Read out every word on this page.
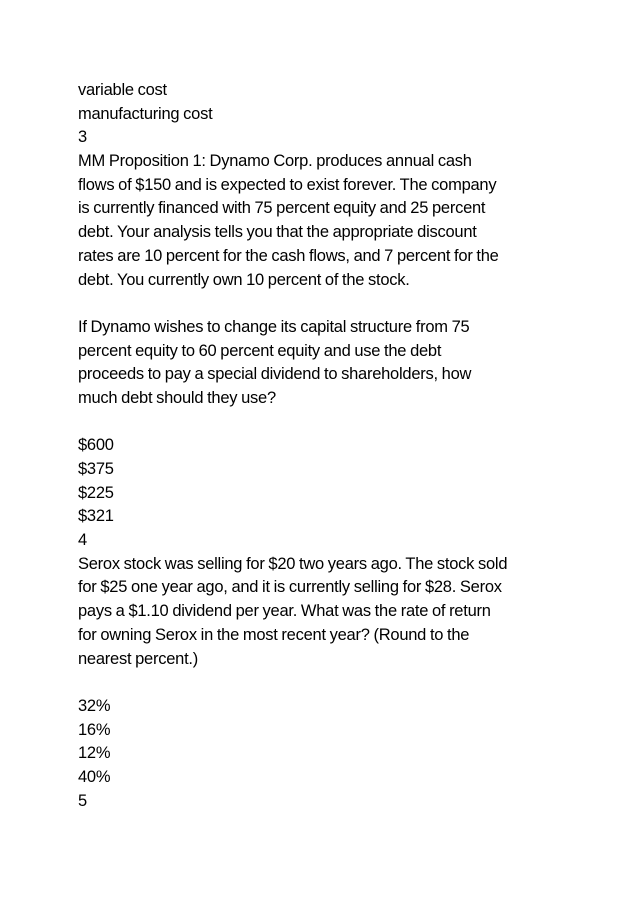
variable cost
manufacturing cost
3
MM Proposition 1: Dynamo Corp. produces annual cash
flows of $150 and is expected to exist forever. The company
is currently financed with 75 percent equity and 25 percent
debt. Your analysis tells you that the appropriate discount
rates are 10 percent for the cash flows, and 7 percent for the
debt. You currently own 10 percent of the stock.
If Dynamo wishes to change its capital structure from 75
percent equity to 60 percent equity and use the debt
proceeds to pay a special dividend to shareholders, how
much debt should they use?
$600
$375
$225
$321
4
Serox stock was selling for $20 two years ago. The stock sold
for $25 one year ago, and it is currently selling for $28. Serox
pays a $1.10 dividend per year. What was the rate of return
for owning Serox in the most recent year? (Round to the
nearest percent.)
32%
16%
12%
40%
5
